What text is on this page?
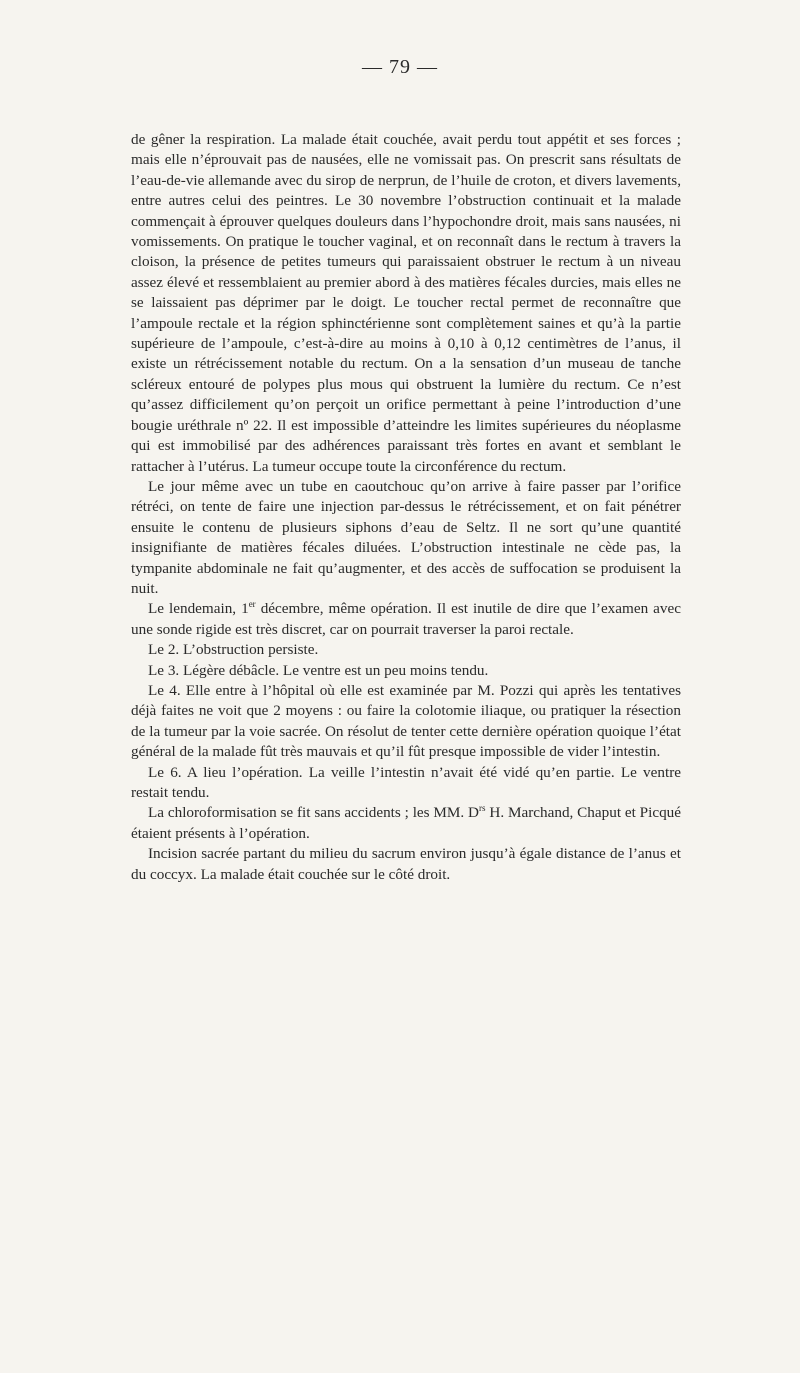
— 79 —

de gêner la respiration. La malade était couchée, avait perdu tout appétit et ses forces ; mais elle n’éprouvait pas de nausées, elle ne vomissait pas. On prescrit sans résultats de l’eau-de-vie allemande avec du sirop de nerprun, de l’huile de croton, et divers lavements, entre autres celui des peintres. Le 30 novembre l’obstruction continuait et la malade commençait à éprouver quelques douleurs dans l’hypochondre droit, mais sans nausées, ni vomissements. On pratique le toucher vaginal, et on reconnaît dans le rectum à travers la cloison, la présence de petites tumeurs qui paraissaient obstruer le rectum à un niveau assez élevé et ressemblaient au premier abord à des matières fécales durcies, mais elles ne se laissaient pas déprimer par le doigt. Le toucher rectal permet de reconnaître que l’ampoule rectale et la région sphinctérienne sont complètement saines et qu’à la partie supérieure de l’ampoule, c’est-à-dire au moins à 0,10 à 0,12 centimètres de l’anus, il existe un rétrécissement notable du rectum. On a la sensation d’un museau de tanche scléreux entouré de polypes plus mous qui obstruent la lumière du rectum. Ce n’est qu’assez difficilement qu’on perçoit un orifice permettant à peine l’introduction d’une bougie uréthrale nº 22. Il est impossible d’atteindre les limites supérieures du néoplasme qui est immobilisé par des adhérences paraissant très fortes en avant et semblant le rattacher à l’utérus. La tumeur occupe toute la circonférence du rectum.

Le jour même avec un tube en caoutchouc qu’on arrive à faire passer par l’orifice rétréci, on tente de faire une injection par-dessus le rétrécissement, et on fait pénétrer ensuite le contenu de plusieurs siphons d’eau de Seltz. Il ne sort qu’une quantité insignifiante de matières fécales diluées. L’obstruction intestinale ne cède pas, la tympanite abdominale ne fait qu’augmenter, et des accès de suffocation se produisent la nuit.

Le lendemain, 1er décembre, même opération. Il est inutile de dire que l’examen avec une sonde rigide est très discret, car on pourrait traverser la paroi rectale.

Le 2. L’obstruction persiste.

Le 3. Légère débâcle. Le ventre est un peu moins tendu.

Le 4. Elle entre à l’hôpital où elle est examinée par M. Pozzi qui après les tentatives déjà faites ne voit que 2 moyens : ou faire la colotomie iliaque, ou pratiquer la résection de la tumeur par la voie sacrée. On résolut de tenter cette dernière opération quoique l’état général de la malade fût très mauvais et qu’il fût presque impossible de vider l’intestin.

Le 6. A lieu l’opération. La veille l’intestin n’avait été vidé qu’en partie. Le ventre restait tendu.

La chloroformisation se fit sans accidents ; les MM. $D^{rs}$ H. Marchand, Chaput et Picqué étaient présents à l’opération.

Incision sacrée partant du milieu du sacrum environ jusqu’à égale distance de l’anus et du coccyx. La malade était couchée sur le côté droit.
